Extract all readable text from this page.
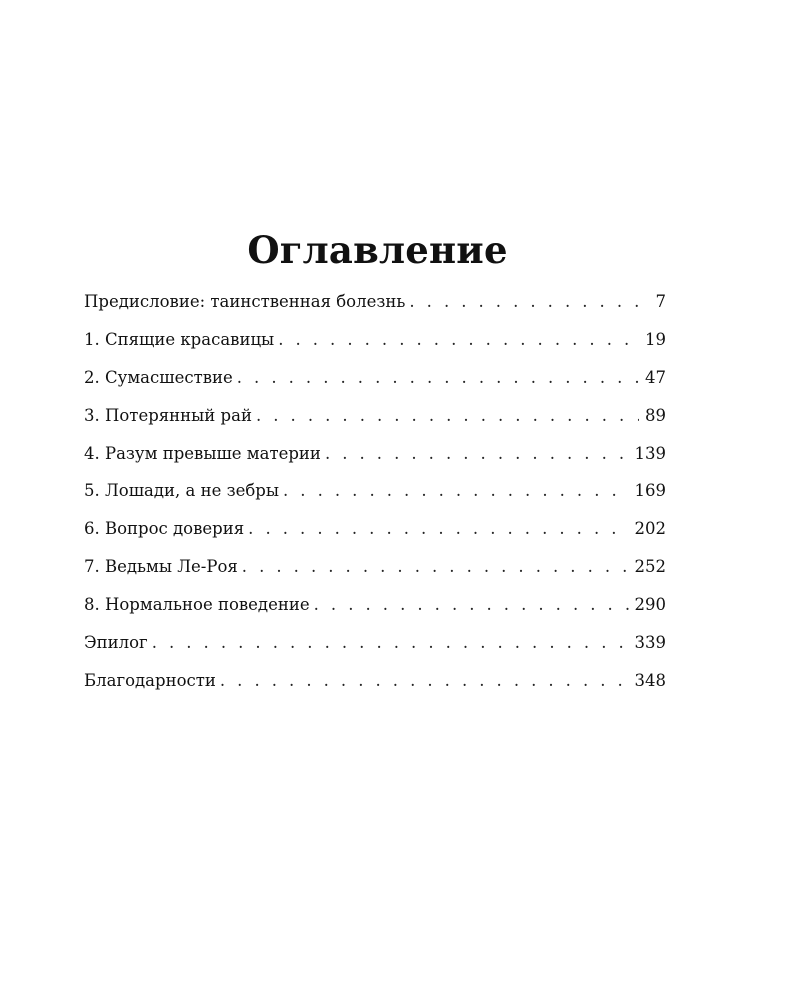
Оглавление
Предисловие: таинственная болезнь . . .	7
1. Спящие красавицы . . .	19
2. Сумасшествие . . .	47
3. Потерянный рай . . .	89
4. Разум превыше материи . . .	139
5. Лошади, а не зебры . . .	169
6. Вопрос доверия . . .	202
7. Ведьмы Ле-Роя . . .	252
8. Нормальное поведение . . .	290
Эпилог . . .	339
Благодарности . . .	348
